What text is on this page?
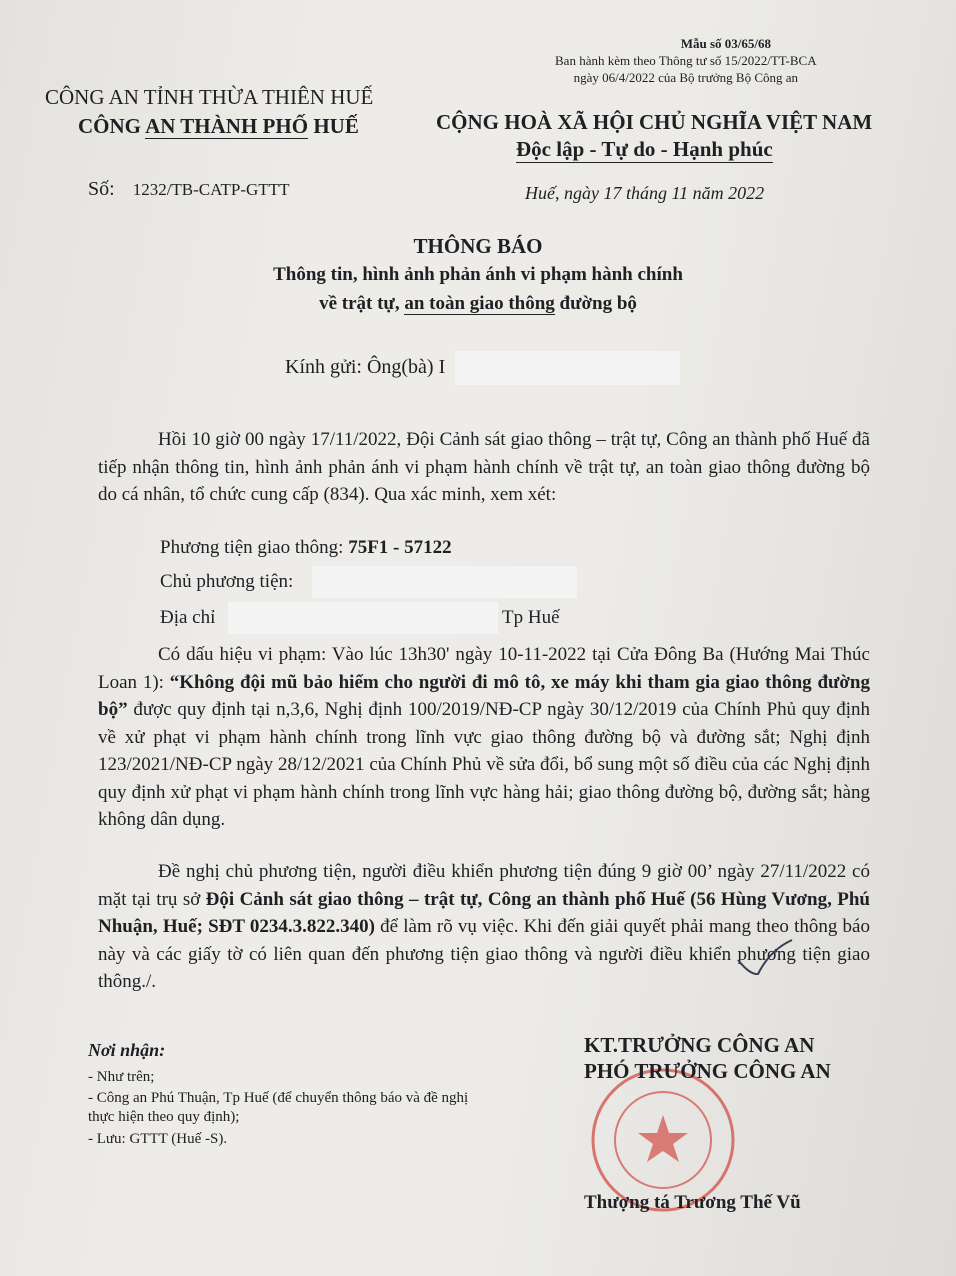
Mẫu số 03/65/68
Ban hành kèm theo Thông tư số 15/2022/TT-BCA
ngày 06/4/2022 của Bộ trưởng Bộ Công an
CÔNG AN TỈNH THỪA THIÊN HUẾ
CÔNG AN THÀNH PHỐ HUẾ	CỘNG HOÀ XÃ HỘI CHỦ NGHĨA VIỆT NAM
Độc lập - Tự do - Hạnh phúc
Số: 1232/TB-CATP-GTTT	Huế, ngày 17 tháng 11 năm 2022
THÔNG BÁO
Thông tin, hình ảnh phản ánh vi phạm hành chính
về trật tự, an toàn giao thông đường bộ
Kính gửi: Ông(bà) I
Hồi 10 giờ 00 ngày 17/11/2022, Đội Cảnh sát giao thông – trật tự, Công an thành phố Huế đã tiếp nhận thông tin, hình ảnh phản ánh vi phạm hành chính về trật tự, an toàn giao thông đường bộ do cá nhân, tổ chức cung cấp (834). Qua xác minh, xem xét:
Phương tiện giao thông: 75F1 - 57122
Chủ phương tiện:
Địa chỉ	Tp Huế
Có dấu hiệu vi phạm: Vào lúc 13h30' ngày 10-11-2022 tại Cửa Đông Ba (Hướng Mai Thúc Loan 1): “Không đội mũ bảo hiểm cho người đi mô tô, xe máy khi tham gia giao thông đường bộ” được quy định tại n,3,6, Nghị định 100/2019/NĐ-CP ngày 30/12/2019 của Chính Phủ quy định về xử phạt vi phạm hành chính trong lĩnh vực giao thông đường bộ và đường sắt; Nghị định 123/2021/NĐ-CP ngày 28/12/2021 của Chính Phủ về sửa đổi, bổ sung một số điều của các Nghị định quy định xử phạt vi phạm hành chính trong lĩnh vực hàng hải; giao thông đường bộ, đường sắt; hàng không dân dụng.
Đề nghị chủ phương tiện, người điều khiển phương tiện đúng 9 giờ 00’ ngày 27/11/2022 có mặt tại trụ sở Đội Cảnh sát giao thông – trật tự, Công an thành phố Huế (56 Hùng Vương, Phú Nhuận, Huế; SĐT 0234.3.822.340) để làm rõ vụ việc. Khi đến giải quyết phải mang theo thông báo này và các giấy tờ có liên quan đến phương tiện giao thông và người điều khiển phương tiện giao thông./.
Nơi nhận:
- Như trên;
- Công an Phú Thuận, Tp Huế (để chuyển thông báo và đề nghị thực hiện theo quy định);
- Lưu: GTTT (Huế -S).
KT.TRƯỞNG CÔNG AN
PHÓ TRƯỞNG CÔNG AN
Thượng tá Trương Thế Vũ
